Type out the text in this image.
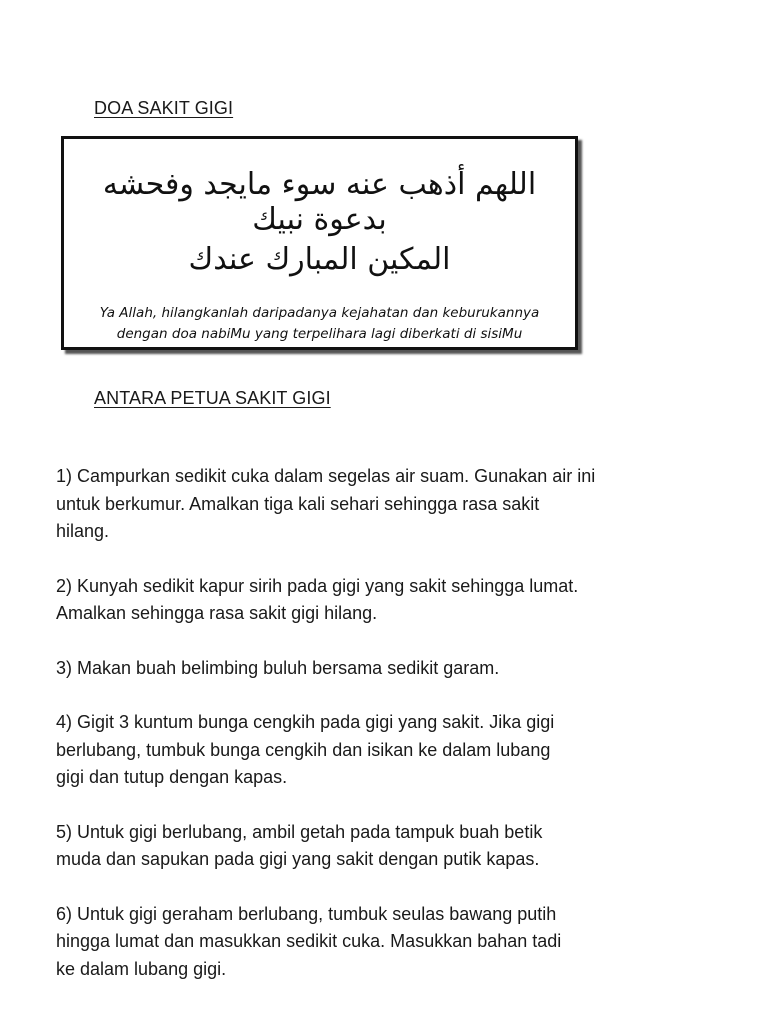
DOA SAKIT GIGI

اللهم أذهب عنه سوء مايجد وفحشه بدعوة نبيك

المكين المبارك عندك

Ya Allah, hilangkanlah daripadanya kejahatan dan keburukannya

dengan doa nabiMu yang terpelihara lagi diberkati di sisiMu

ANTARA PETUA SAKIT GIGI

1) Campurkan sedikit cuka dalam segelas air suam. Gunakan air ini
untuk berkumur. Amalkan tiga kali sehari sehingga rasa sakit
hilang.

2) Kunyah sedikit kapur sirih pada gigi yang sakit sehingga lumat.
Amalkan sehingga rasa sakit gigi hilang.

3) Makan buah belimbing buluh bersama sedikit garam.

4) Gigit 3 kuntum bunga cengkih pada gigi yang sakit. Jika gigi
berlubang, tumbuk bunga cengkih dan isikan ke dalam lubang
gigi dan tutup dengan kapas.

5) Untuk gigi berlubang, ambil getah pada tampuk buah betik
muda dan sapukan pada gigi yang sakit dengan putik kapas.

6) Untuk gigi geraham berlubang, tumbuk seulas bawang putih
hingga lumat dan masukkan sedikit cuka. Masukkan bahan tadi
ke dalam lubang gigi.
